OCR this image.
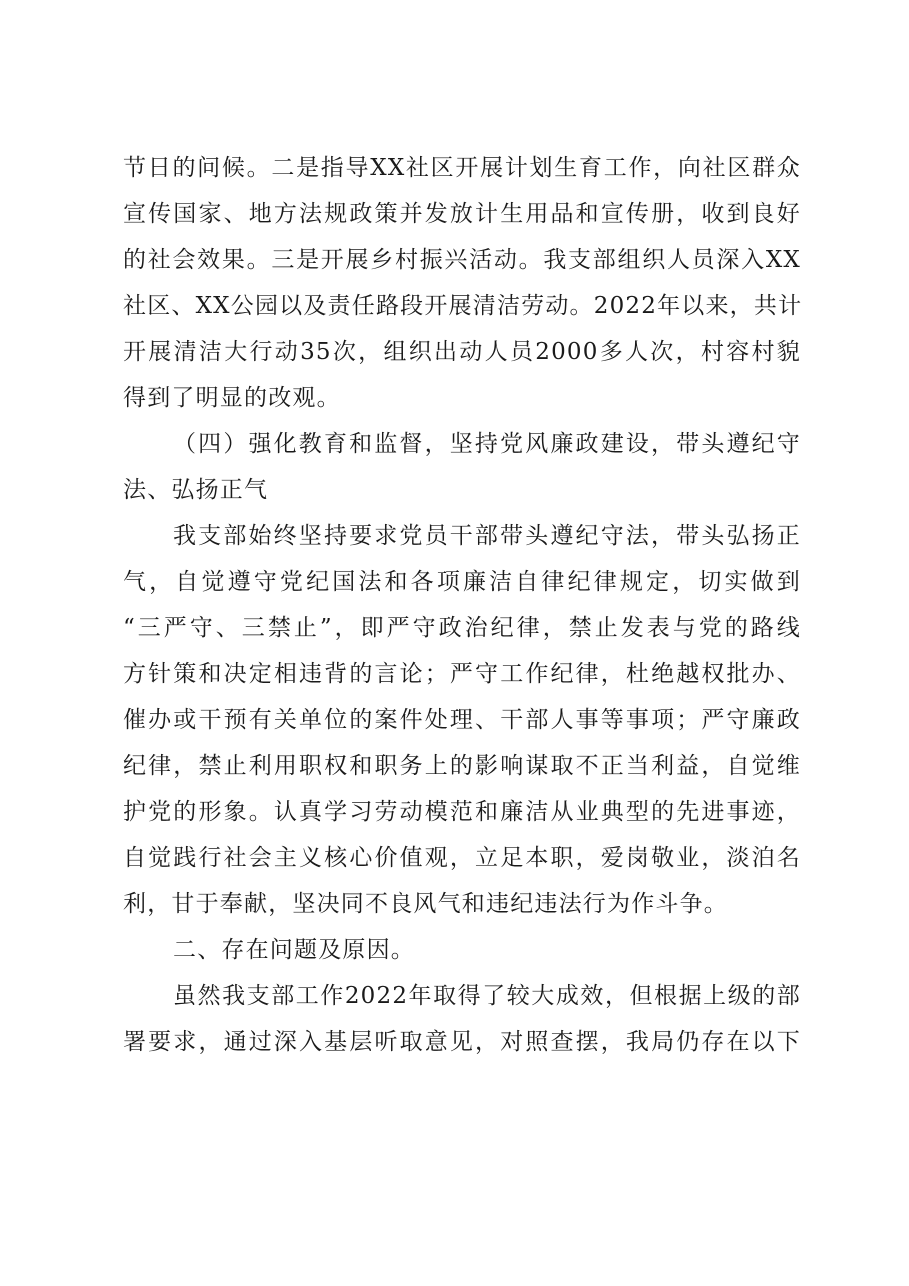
节日的问候。二是指导XX社区开展计划生育工作，向社区群众
宣传国家、地方法规政策并发放计生用品和宣传册，收到良好
的社会效果。三是开展乡村振兴活动。我支部组织人员深入XX
社区、XX公园以及责任路段开展清洁劳动。2022年以来，共计
开展清洁大行动35次，组织出动人员2000多人次，村容村貌
得到了明显的改观。
（四）强化教育和监督，坚持党风廉政建设，带头遵纪守
法、弘扬正气
我支部始终坚持要求党员干部带头遵纪守法，带头弘扬正
气，自觉遵守党纪国法和各项廉洁自律纪律规定，切实做到
“三严守、三禁止”，即严守政治纪律，禁止发表与党的路线
方针策和决定相违背的言论；严守工作纪律，杜绝越权批办、
催办或干预有关单位的案件处理、干部人事等事项；严守廉政
纪律，禁止利用职权和职务上的影响谋取不正当利益，自觉维
护党的形象。认真学习劳动模范和廉洁从业典型的先进事迹，
自觉践行社会主义核心价值观，立足本职，爱岗敬业，淡泊名
利，甘于奉献，坚决同不良风气和违纪违法行为作斗争。
二、存在问题及原因。
虽然我支部工作2022年取得了较大成效，但根据上级的部
署要求，通过深入基层听取意见，对照查摆，我局仍存在以下
